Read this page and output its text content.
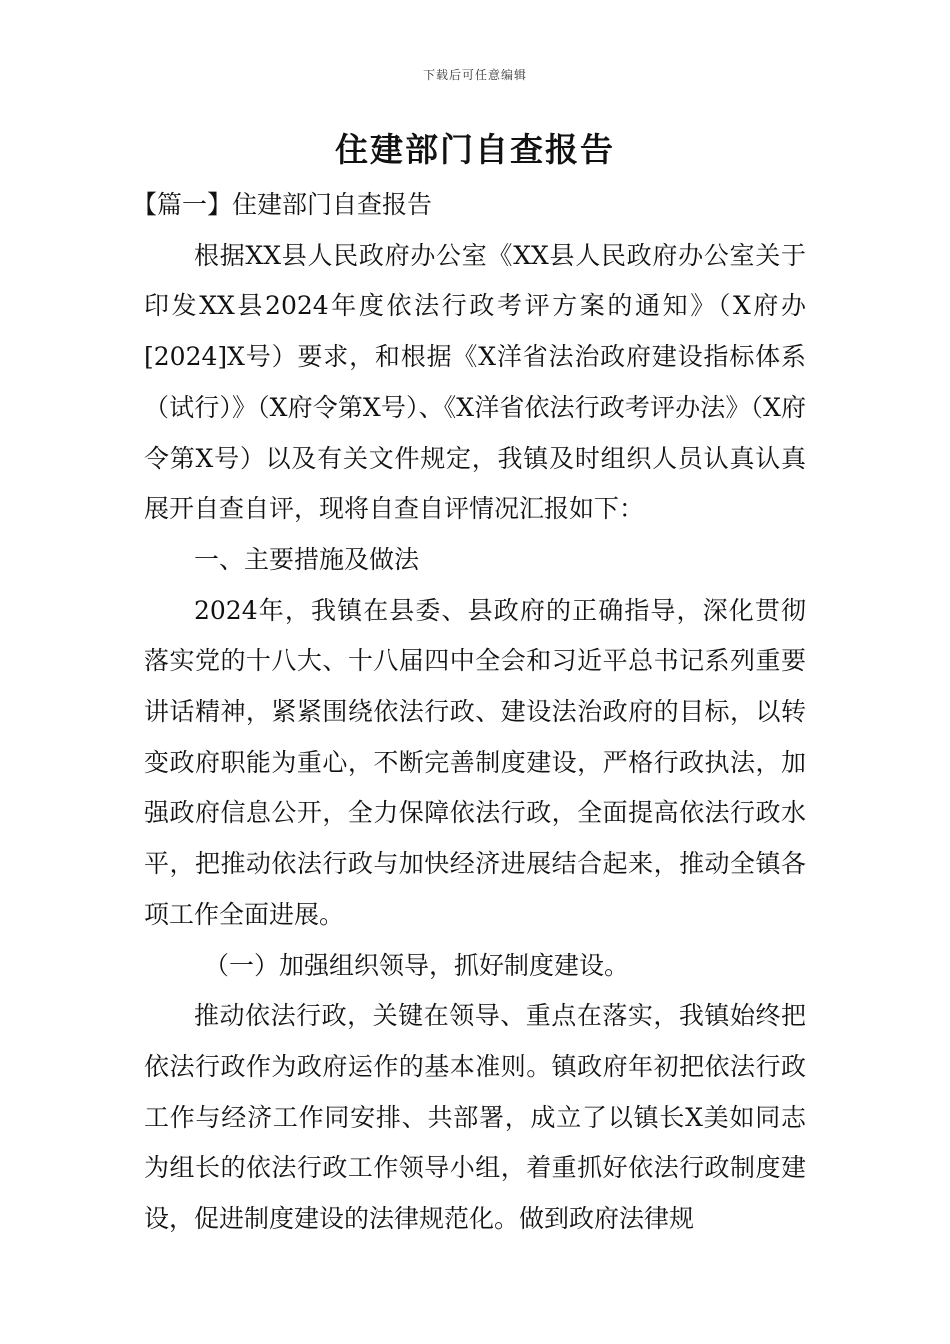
下载后可任意编辑
住建部门自查报告

【篇一】住建部门自查报告

根据XX县人民政府办公室《XX县人民政府办公室关于印发XX县2024年度依法行政考评方案的通知》（X府办[2024]X号）要求，和根据《X洋省法治政府建设指标体系（试行）》（X府令第X号）、《X洋省依法行政考评办法》（X府令第X号）以及有关文件规定，我镇及时组织人员认真认真展开自查自评，现将自查自评情况汇报如下：

一、主要措施及做法

2024年，我镇在县委、县政府的正确指导，深化贯彻落实党的十八大、十八届四中全会和习近平总书记系列重要讲话精神，紧紧围绕依法行政、建设法治政府的目标，以转变政府职能为重心，不断完善制度建设，严格行政执法，加强政府信息公开，全力保障依法行政，全面提高依法行政水平，把推动依法行政与加快经济进展结合起来，推动全镇各项工作全面进展。

（一）加强组织领导，抓好制度建设。

推动依法行政，关键在领导、重点在落实，我镇始终把依法行政作为政府运作的基本准则。镇政府年初把依法行政工作与经济工作同安排、共部署，成立了以镇长X美如同志为组长的依法行政工作领导小组，着重抓好依法行政制度建设，促进制度建设的法律规范化。做到政府法律规
